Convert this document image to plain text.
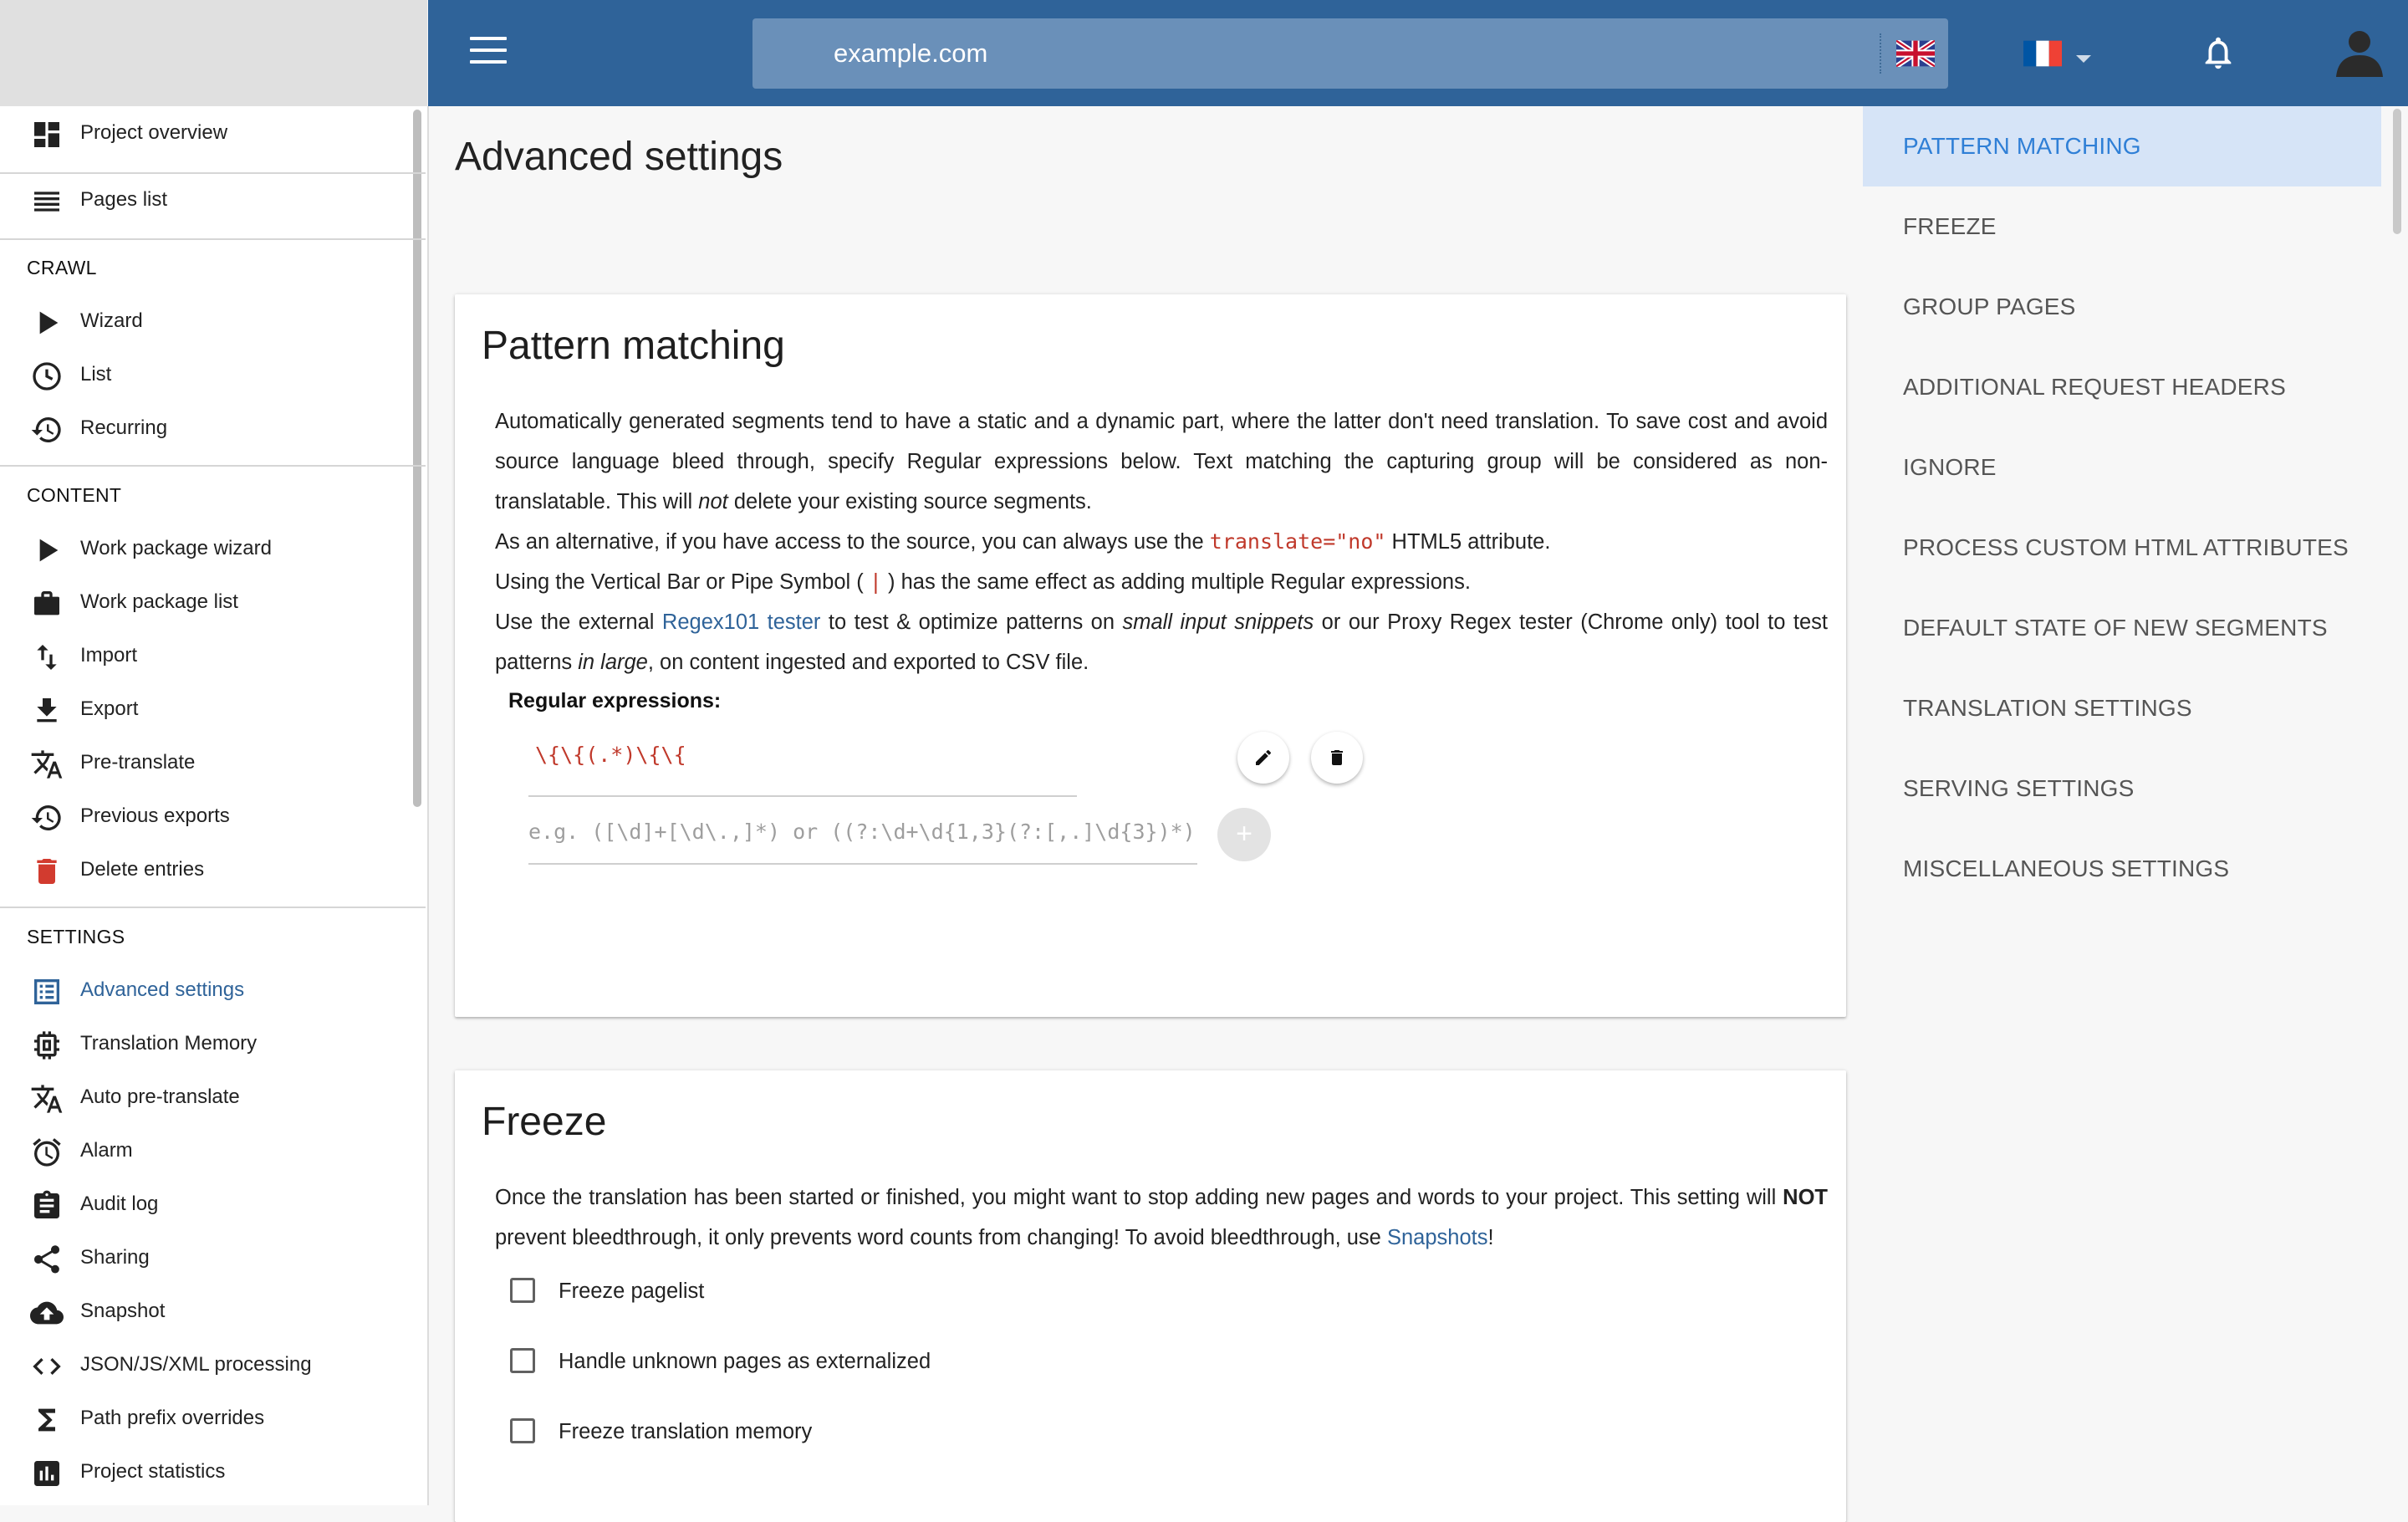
example.com
Project overview
Pages list
CRAWL
Wizard
List
Recurring
CONTENT
Work package wizard
Work package list
Import
Export
Pre-translate
Previous exports
Delete entries
SETTINGS
Advanced settings
Translation Memory
Auto pre-translate
Alarm
Audit log
Sharing
Snapshot
JSON/JS/XML processing
Path prefix overrides
Project statistics
Advanced settings
Pattern matching
Automatically generated segments tend to have a static and a dynamic part, where the latter don't need translation. To save cost and avoid source language bleed through, specify Regular expressions below. Text matching the capturing group will be considered as non-translatable. This will not delete your existing source segments.
As an alternative, if you have access to the source, you can always use the translate="no" HTML5 attribute.
Using the Vertical Bar or Pipe Symbol ( | ) has the same effect as adding multiple Regular expressions.
Use the external Regex101 tester to test & optimize patterns on small input snippets or our Proxy Regex tester (Chrome only) tool to test patterns in large, on content ingested and exported to CSV file.
Regular expressions:
\{\{(.*)\{\{
e.g. ([\d]+[\d\.,]*) or ((?:\d+\d{1,3}(?:[,.]\d{3})*)	+
Freeze
Once the translation has been started or finished, you might want to stop adding new pages and words to your project. This setting will NOT prevent bleedthrough, it only prevents word counts from changing! To avoid bleedthrough, use Snapshots!
Freeze pagelist
Handle unknown pages as externalized
Freeze translation memory
PATTERN MATCHING
FREEZE
GROUP PAGES
ADDITIONAL REQUEST HEADERS
IGNORE
PROCESS CUSTOM HTML ATTRIBUTES
DEFAULT STATE OF NEW SEGMENTS
TRANSLATION SETTINGS
SERVING SETTINGS
MISCELLANEOUS SETTINGS
